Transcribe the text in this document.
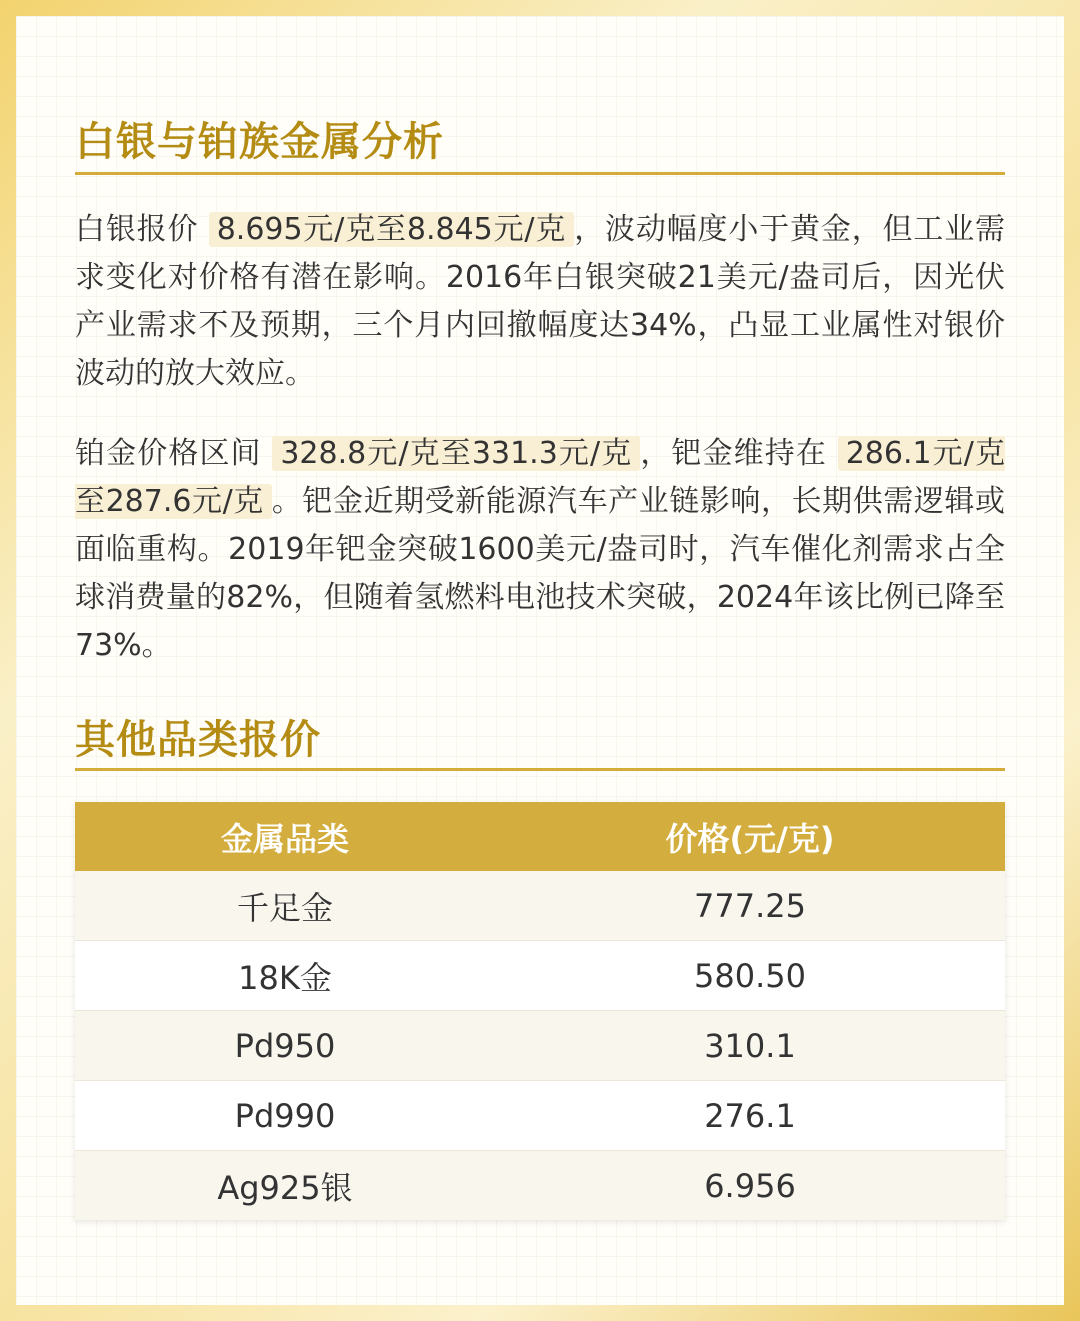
白银与铂族金属分析

白银报价 8.695元/克至8.845元/克 ，波动幅度小于黄金，但工业需求变化对价格有潜在影响。2016年白银突破21美元/盎司后，因光伏产业需求不及预期，三个月内回撤幅度达34%，凸显工业属性对银价波动的放大效应。

铂金价格区间 328.8元/克至331.3元/克 ，钯金维持在 286.1元/克至287.6元/克 。钯金近期受新能源汽车产业链影响，长期供需逻辑或面临重构。2019年钯金突破1600美元/盎司时，汽车催化剂需求占全球消费量的82%，但随着氢燃料电池技术突破，2024年该比例已降至73%。

其他品类报价
金属品类	价格(元/克)
千足金	777.25
18K金	580.50
Pd950	310.1
Pd990	276.1
Ag925银	6.956
